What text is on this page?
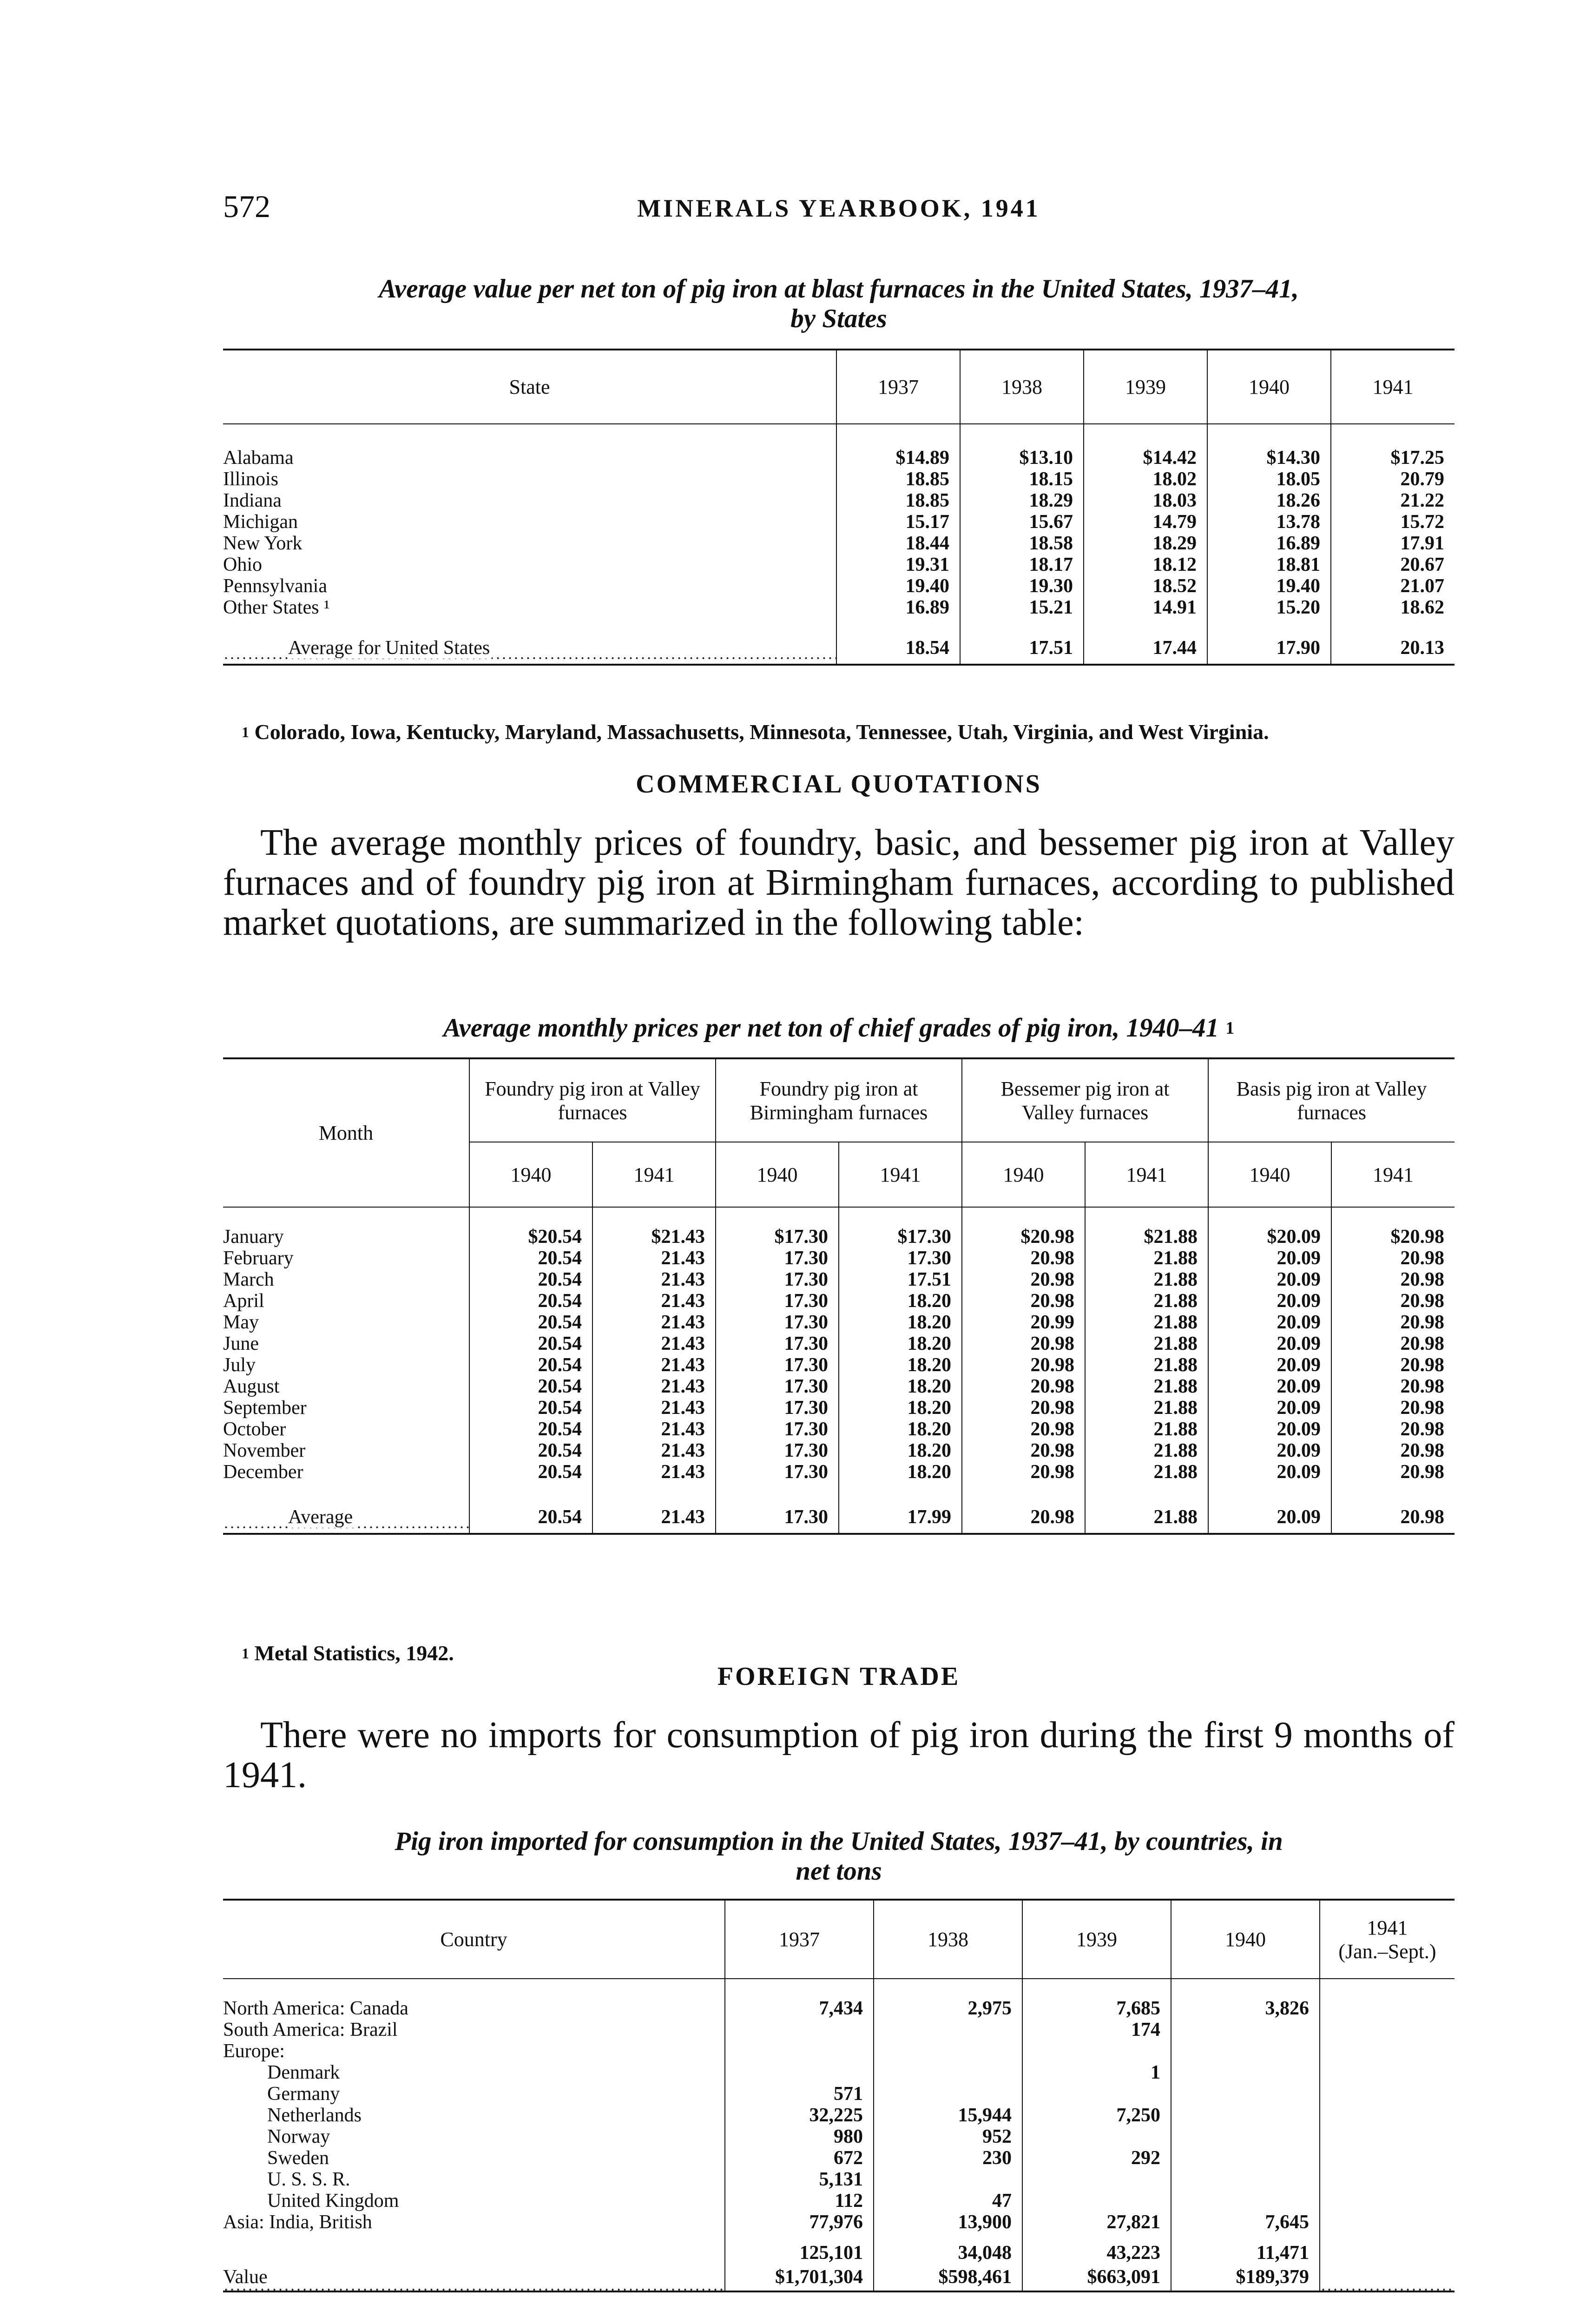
572	MINERALS YEARBOOK, 1941
Average value per net ton of pig iron at blast furnaces in the United States, 1937–41,
by States
State	1937	1938	1939	1940	1941

Alabama	$14.89	$13.10	$14.42	$14.30	$17.25
Illinois	18.85	18.15	18.02	18.05	20.79
Indiana	18.85	18.29	18.03	18.26	21.22
Michigan	15.17	15.67	14.79	13.78	15.72
New York	18.44	18.58	18.29	16.89	17.91
Ohio	19.31	18.17	18.12	18.81	20.67
Pennsylvania	19.40	19.30	18.52	19.40	21.07
Other States ¹	16.89	15.21	14.91	15.20	18.62

Average for United States	18.54	17.51	17.44	17.90	20.13
$^1$ Colorado, Iowa, Kentucky, Maryland, Massachusetts, Minnesota, Tennessee, Utah, Virginia, and West Virginia.
COMMERCIAL QUOTATIONS
The average monthly prices of foundry, basic, and bessemer pig iron at Valley furnaces and of foundry pig iron at Birmingham furnaces, according to published market quotations, are summarized in the following table:
Average monthly prices per net ton of chief grades of pig iron, 1940–41 $^1$
Month	Foundry pig iron at Valley furnaces		Foundry pig iron at Birmingham furnaces		Bessemer pig iron at Valley furnaces		Basis pig iron at Valley furnaces	
	1940	1941	1940	1941	1940	1941	1940	1941

January	$20.54	$21.43	$17.30	$17.30	$20.98	$21.88	$20.09	$20.98
February	20.54	21.43	17.30	17.30	20.98	21.88	20.09	20.98
March	20.54	21.43	17.30	17.51	20.98	21.88	20.09	20.98
April	20.54	21.43	17.30	18.20	20.98	21.88	20.09	20.98
May	20.54	21.43	17.30	18.20	20.99	21.88	20.09	20.98
June	20.54	21.43	17.30	18.20	20.98	21.88	20.09	20.98
July	20.54	21.43	17.30	18.20	20.98	21.88	20.09	20.98
August	20.54	21.43	17.30	18.20	20.98	21.88	20.09	20.98
September	20.54	21.43	17.30	18.20	20.98	21.88	20.09	20.98
October	20.54	21.43	17.30	18.20	20.98	21.88	20.09	20.98
November	20.54	21.43	17.30	18.20	20.98	21.88	20.09	20.98
December	20.54	21.43	17.30	18.20	20.98	21.88	20.09	20.98

Average	20.54	21.43	17.30	17.99	20.98	21.88	20.09	20.98
$^1$ Metal Statistics, 1942.
FOREIGN TRADE
There were no imports for consumption of pig iron during the first 9 months of 1941.
Pig iron imported for consumption in the United States, 1937–41, by countries, in
net tons
Country	1937	1938	1939	1940	1941
(Jan.–Sept.)

North America: Canada	7,434	2,975	7,685	3,826	
South America: Brazil			174		
Europe:					
Denmark			1		
Germany	571				
Netherlands	32,225	15,944	7,250		
Norway	980	952			
Sweden	672	230	292		
U. S. S. R.	5,131				
United Kingdom	112	47			
Asia: India, British	77,976	13,900	27,821	7,645	

	125,101	34,048	43,223	11,471	
Value	$1,701,304	$598,461	$663,091	$189,379	
